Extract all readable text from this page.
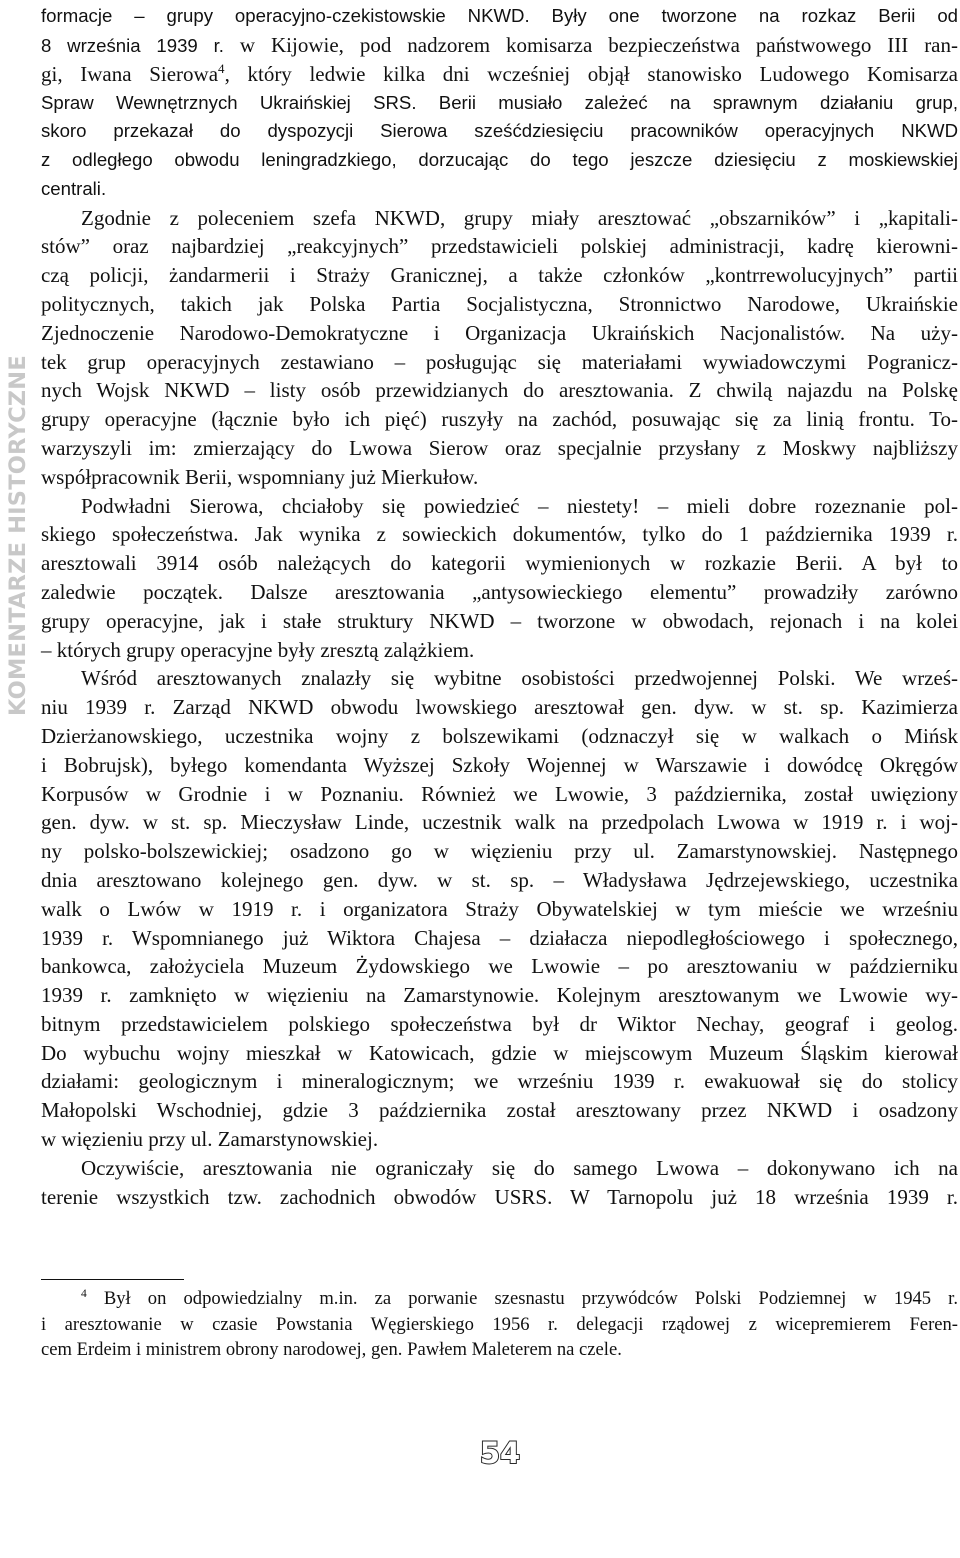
KOMENTARZE HISTORYCZNE
formacje – grupy operacyjno-czekistowskie NKWD. Były one tworzone na rozkaz Berii od
8 września 1939 r. w Kijowie, pod nadzorem komisarza bezpieczeństwa państwowego III ran-
gi, Iwana Sierowa$^4$, który ledwie kilka dni wcześniej objął stanowisko Ludowego Komisarza
Spraw Wewnętrznych Ukraińskiej SRS. Berii musiało zależeć na sprawnym działaniu grup,
skoro przekazał do dyspozycji Sierowa sześćdziesięciu pracowników operacyjnych NKWD
z odległego obwodu leningradzkiego, dorzucając do tego jeszcze dziesięciu z moskiewskiej
centrali.
Zgodnie z poleceniem szefa NKWD, grupy miały aresztować „obszarników” i „kapitali-
stów” oraz najbardziej „reakcyjnych” przedstawicieli polskiej administracji, kadrę kierowni-
czą policji, żandarmerii i Straży Granicznej, a także członków „kontrrewolucyjnych” partii
politycznych, takich jak Polska Partia Socjalistyczna, Stronnictwo Narodowe, Ukraińskie
Zjednoczenie Narodowo-Demokratyczne i Organizacja Ukraińskich Nacjonalistów. Na uży-
tek grup operacyjnych zestawiano – posługując się materiałami wywiadowczymi Pogranicz-
nych Wojsk NKWD – listy osób przewidzianych do aresztowania. Z chwilą najazdu na Polskę
grupy operacyjne (łącznie było ich pięć) ruszyły na zachód, posuwając się za linią frontu. To-
warzyszyli im: zmierzający do Lwowa Sierow oraz specjalnie przysłany z Moskwy najbliższy
współpracownik Berii, wspomniany już Mierkułow.
Podwładni Sierowa, chciałoby się powiedzieć – niestety! – mieli dobre rozeznanie pol-
skiego społeczeństwa. Jak wynika z sowieckich dokumentów, tylko do 1 października 1939 r.
aresztowali 3914 osób należących do kategorii wymienionych w rozkazie Berii. A był to
zaledwie początek. Dalsze aresztowania „antysowieckiego elementu” prowadziły zarówno
grupy operacyjne, jak i stałe struktury NKWD – tworzone w obwodach, rejonach i na kolei
– których grupy operacyjne były zresztą zalążkiem.
Wśród aresztowanych znalazły się wybitne osobistości przedwojennej Polski. We wrześ-
niu 1939 r. Zarząd NKWD obwodu lwowskiego aresztował gen. dyw. w st. sp. Kazimierza
Dzierżanowskiego, uczestnika wojny z bolszewikami (odznaczył się w walkach o Mińsk
i Bobrujsk), byłego komendanta Wyższej Szkoły Wojennej w Warszawie i dowódcę Okręgów
Korpusów w Grodnie i w Poznaniu. Również we Lwowie, 3 października, został uwięziony
gen. dyw. w st. sp. Mieczysław Linde, uczestnik walk na przedpolach Lwowa w 1919 r. i woj-
ny polsko-bolszewickiej; osadzono go w więzieniu przy ul. Zamarstynowskiej. Następnego
dnia aresztowano kolejnego gen. dyw. w st. sp. – Władysława Jędrzejewskiego, uczestnika
walk o Lwów w 1919 r. i organizatora Straży Obywatelskiej w tym mieście we wrześniu
1939 r. Wspomnianego już Wiktora Chajesa – działacza niepodległościowego i społecznego,
bankowca, założyciela Muzeum Żydowskiego we Lwowie – po aresztowaniu w październiku
1939 r. zamknięto w więzieniu na Zamarstynowie. Kolejnym aresztowanym we Lwowie wy-
bitnym przedstawicielem polskiego społeczeństwa był dr Wiktor Nechay, geograf i geolog.
Do wybuchu wojny mieszkał w Katowicach, gdzie w miejscowym Muzeum Śląskim kierował
działami: geologicznym i mineralogicznym; we wrześniu 1939 r. ewakuował się do stolicy
Małopolski Wschodniej, gdzie 3 października został aresztowany przez NKWD i osadzony
w więzieniu przy ul. Zamarstynowskiej.
Oczywiście, aresztowania nie ograniczały się do samego Lwowa – dokonywano ich na
terenie wszystkich tzw. zachodnich obwodów USRS. W Tarnopolu już 18 września 1939 r.
$^4$ Był on odpowiedzialny m.in. za porwanie szesnastu przywódców Polski Podziemnej w 1945 r.
i aresztowanie w czasie Powstania Węgierskiego 1956 r. delegacji rządowej z wicepremierem Feren-
cem Erdeim i ministrem obrony narodowej, gen. Pawłem Maleterem na czele.
54
